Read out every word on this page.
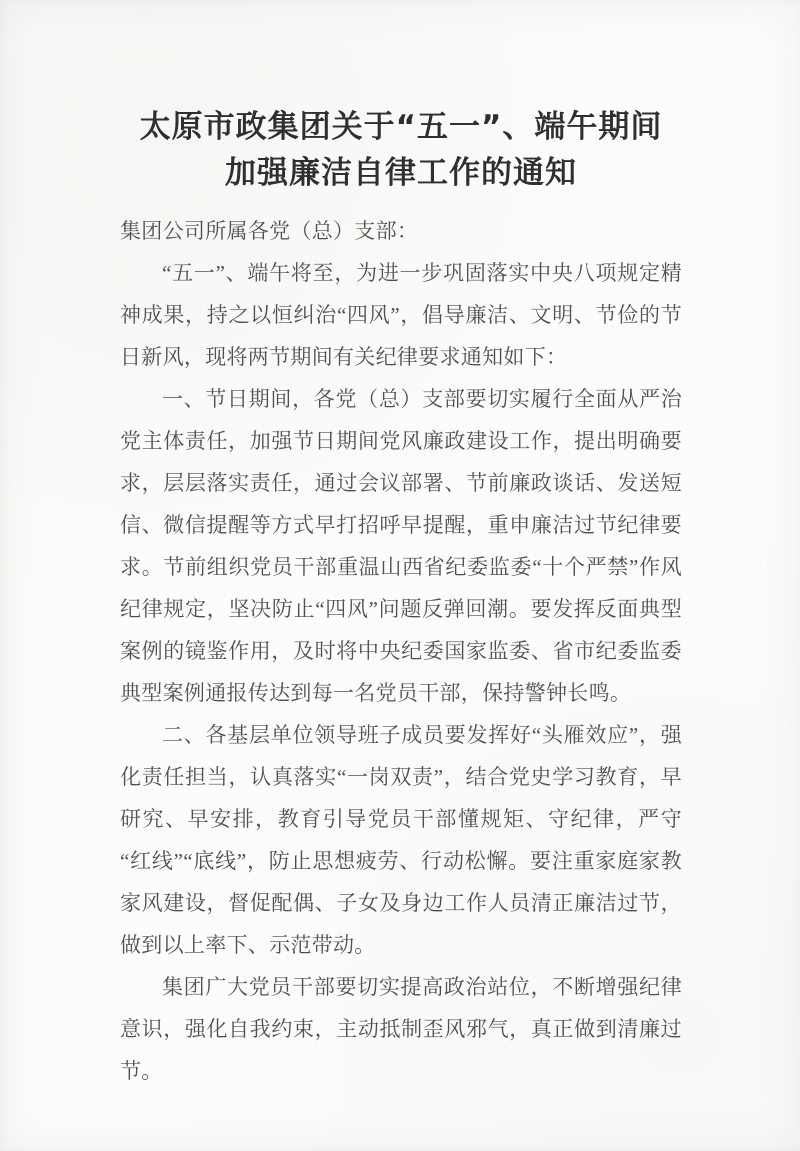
太原市政集团关于“五一”、端午期间
加强廉洁自律工作的通知

集团公司所属各党（总）支部：

“五一”、端午将至，为进一步巩固落实中央八项规定精神成果，持之以恒纠治“四风”，倡导廉洁、文明、节俭的节日新风，现将两节期间有关纪律要求通知如下：

一、节日期间，各党（总）支部要切实履行全面从严治党主体责任，加强节日期间党风廉政建设工作，提出明确要求，层层落实责任，通过会议部署、节前廉政谈话、发送短信、微信提醒等方式早打招呼早提醒，重申廉洁过节纪律要求。节前组织党员干部重温山西省纪委监委“十个严禁”作风纪律规定，坚决防止“四风”问题反弹回潮。要发挥反面典型案例的镜鉴作用，及时将中央纪委国家监委、省市纪委监委典型案例通报传达到每一名党员干部，保持警钟长鸣。

二、各基层单位领导班子成员要发挥好“头雁效应”，强化责任担当，认真落实“一岗双责”，结合党史学习教育，早研究、早安排，教育引导党员干部懂规矩、守纪律，严守“红线”“底线”，防止思想疲劳、行动松懈。要注重家庭家教家风建设，督促配偶、子女及身边工作人员清正廉洁过节，做到以上率下、示范带动。

集团广大党员干部要切实提高政治站位，不断增强纪律意识，强化自我约束，主动抵制歪风邪气，真正做到清廉过节。
